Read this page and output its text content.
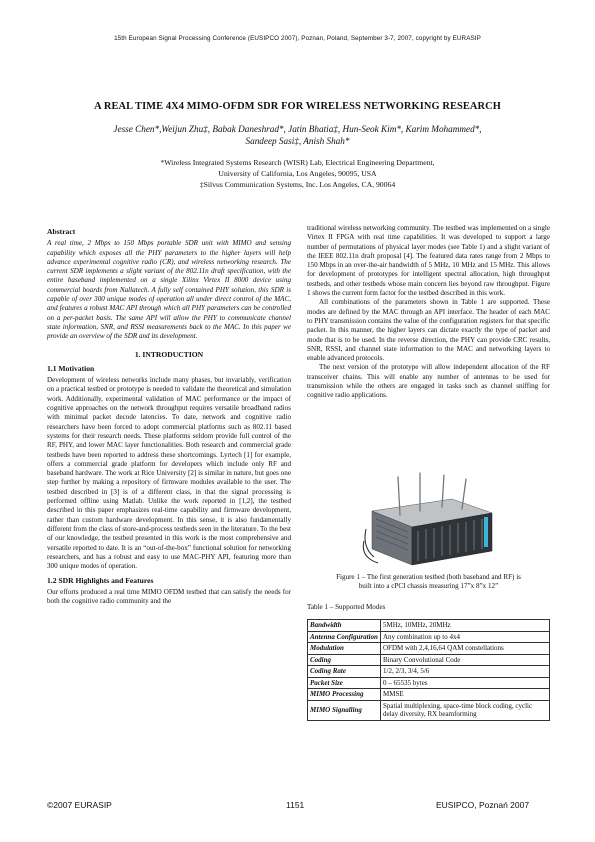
15th European Signal Processing Conference (EUSIPCO 2007), Poznan, Poland, September 3-7, 2007, copyright by EURASIP
A REAL TIME 4X4 MIMO-OFDM SDR FOR WIRELESS NETWORKING RESEARCH
Jesse Chen*,Weijun Zhu‡, Babak Daneshrad*, Jatin Bhatia‡, Hun-Seok Kim*, Karim Mohammed*,
Sandeep Sasi‡, Anish Shah*
*Wireless Integrated Systems Research (WISR) Lab, Electrical Engineering Department,
University of California, Los Angeles, 90095, USA
‡Silvus Communication Systems, Inc. Los Angeles, CA, 90064
Abstract

A real time, 2 Mbps to 150 Mbps portable SDR unit with MIMO and sensing capability which exposes all the PHY parameters to the higher layers will help advance experimental cognitive radio (CR), and wireless networking research. The current SDR implements a slight variant of the 802.11n draft specification, with the entire baseband implemented on a single Xilinx Virtex II 8000 device using commercial boards from Nallatech. A fully self contained PHY solution, this SDR is capable of over 300 unique modes of operation all under direct control of the MAC, and features a robust MAC API through which all PHY parameters can be controlled on a per-packet basis. The same API will allow the PHY to communicate channel state information, SNR, and RSSI measurements back to the MAC. In this paper we provide an overview of the SDR and its development.

1. INTRODUCTION
1.1 Motivation

Development of wireless networks include many phases, but invariably, verification on a practical testbed or prototype is needed to validate the theoretical and simulation work. Additionally, experimental validation of MAC performance or the impact of cognitive approaches on the network throughput requires versatile broadband radios with minimal packet decode latencies. To date, network and cognitive radio researchers have been forced to adopt commercial platforms such as 802.11 based systems for their research needs. These platforms seldom provide full control of the RF, PHY, and lower MAC layer functionalities. Both research and commercial grade testbeds have been reported to address these shortcomings. Lyrtech [1] for example, offers a commercial grade platform for developers which include only RF and baseband hardware. The work at Rice University [2] is similar in nature, but goes one step further by making a repository of firmware modules available to the user. The testbed described in [3] is of a different class, in that the signal processing is performed offline using Matlab. Unlike the work reported in [1,2], the testbed described in this paper emphasizes real-time capability and firmware development, rather than custom hardware development. In this sense, it is also fundamentally different from the class of store-and-process testbeds seen in the literature. To the best of our knowledge, the testbed presented in this work is the most comprehensive and versatile reported to date. It is an “out-of-the-box” functional solution for networking researchers, and has a robust and easy to use MAC-PHY API, featuring more than 300 unique modes of operation.

1.2 SDR Highlights and Features

Our efforts produced a real time MIMO OFDM testbed that can satisfy the needs for both the cognitive radio community and the

traditional wireless networking community. The testbed was implemented on a single Virtex II FPGA with real time capabilities. It was developed to support a large number of permutations of physical layer modes (see Table 1) and a slight variant of the IEEE 802.11n draft proposal [4]. The featured data rates range from 2 Mbps to 150 Mbps in an over-the-air bandwidth of 5 MHz, 10 MHz and 15 MHz. This allows for development of prototypes for intelligent spectral allocation, high throughput testbeds, and other testbeds whose main concern lies beyond raw throughput. Figure 1 shows the current form factor for the testbed described in this work.

All combinations of the parameters shown in Table 1 are supported. These modes are defined by the MAC through an API interface. The header of each MAC to PHY transmission contains the value of the configuration registers for that specific packet. In this manner, the higher layers can dictate exactly the type of packet and mode that is to be used. In the reverse direction, the PHY can provide CRC results, SNR, RSSI, and channel state information to the MAC and networking layers to enable advanced protocols.

The next version of the prototype will allow independent allocation of the RF transceiver chains. This will enable any number of antennas to be used for transmission while the others are engaged in tasks such as channel sniffing for cognitive radio applications.

Figure 1 – The first generation testbed (both baseband and RF) is
built into a cPCI chassis measuring 17”x 8”x 12”
Table 1 – Supported Modes
Bandwidth	5MHz, 10MHz, 20MHz
Antenna Configuration	Any combination up to 4x4
Modulation	OFDM with 2,4,16,64 QAM constellations
Coding	Binary Convolutional Code
Coding Rate	1/2, 2/3, 3/4, 5/6
Packet Size	0 – 65535 bytes
MIMO Processing	MMSE
MIMO Signalling	Spatial multiplexing, space-time block coding, cyclic delay diversity, RX beamforming
©2007 EURASIP	1151	EUSIPCO, Poznań 2007
